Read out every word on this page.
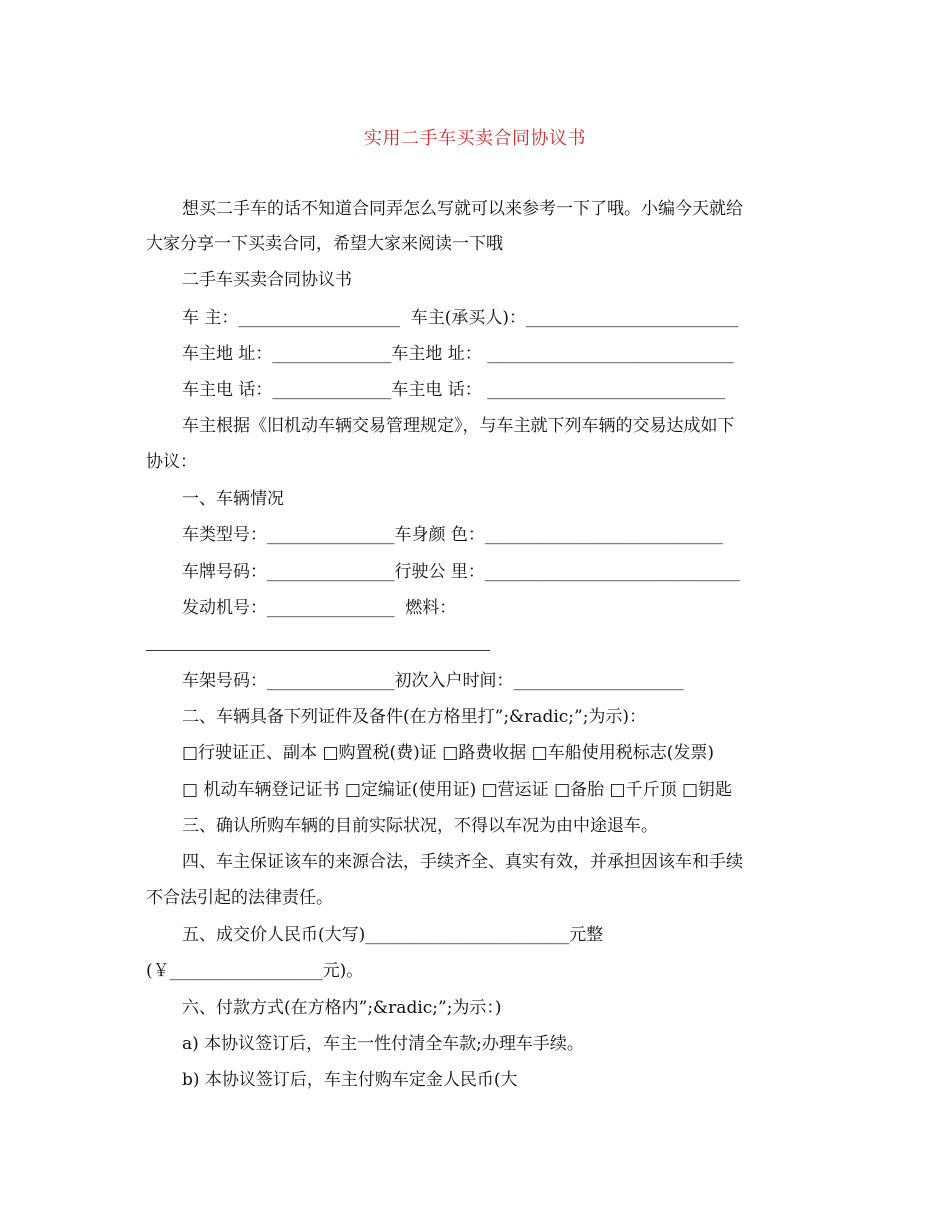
实用二手车买卖合同协议书
想买二手车的话不知道合同弄怎么写就可以来参考一下了哦。小编今天就给
大家分享一下买卖合同，希望大家来阅读一下哦
二手车买卖合同协议书
车 主：___________________  车主(承买人)：_________________________
车主地 址：______________车主地 址： _____________________________
车主电 话：______________车主电 话： ____________________________
车主根据《旧机动车辆交易管理规定》，与车主就下列车辆的交易达成如下
协议：
一、车辆情况
车类型号：_______________车身颜 色：____________________________
车牌号码：_______________行驶公 里：______________________________
发动机号：_______________  燃料：
车架号码：_______________初次入户时间：____________________
二、车辆具备下列证件及备件(在方格里打”;&radic;”;为示)：
□行驶证正、副本 □购置税(费)证 □路费收据 □车船使用税标志(发票)
□ 机动车辆登记证书 □定编证(使用证) □营运证 □备胎 □千斤顶 □钥匙
三、确认所购车辆的目前实际状况，不得以车况为由中途退车。
四、车主保证该车的来源合法，手续齐全、真实有效，并承担因该车和手续
不合法引起的法律责任。
五、成交价人民币(大写)________________________元整
(￥__________________元)。
六、付款方式(在方格内”;&radic;”;为示：)
a) 本协议签订后，车主一性付清全车款;办理车手续。
b) 本协议签订后，车主付购车定金人民币(大
